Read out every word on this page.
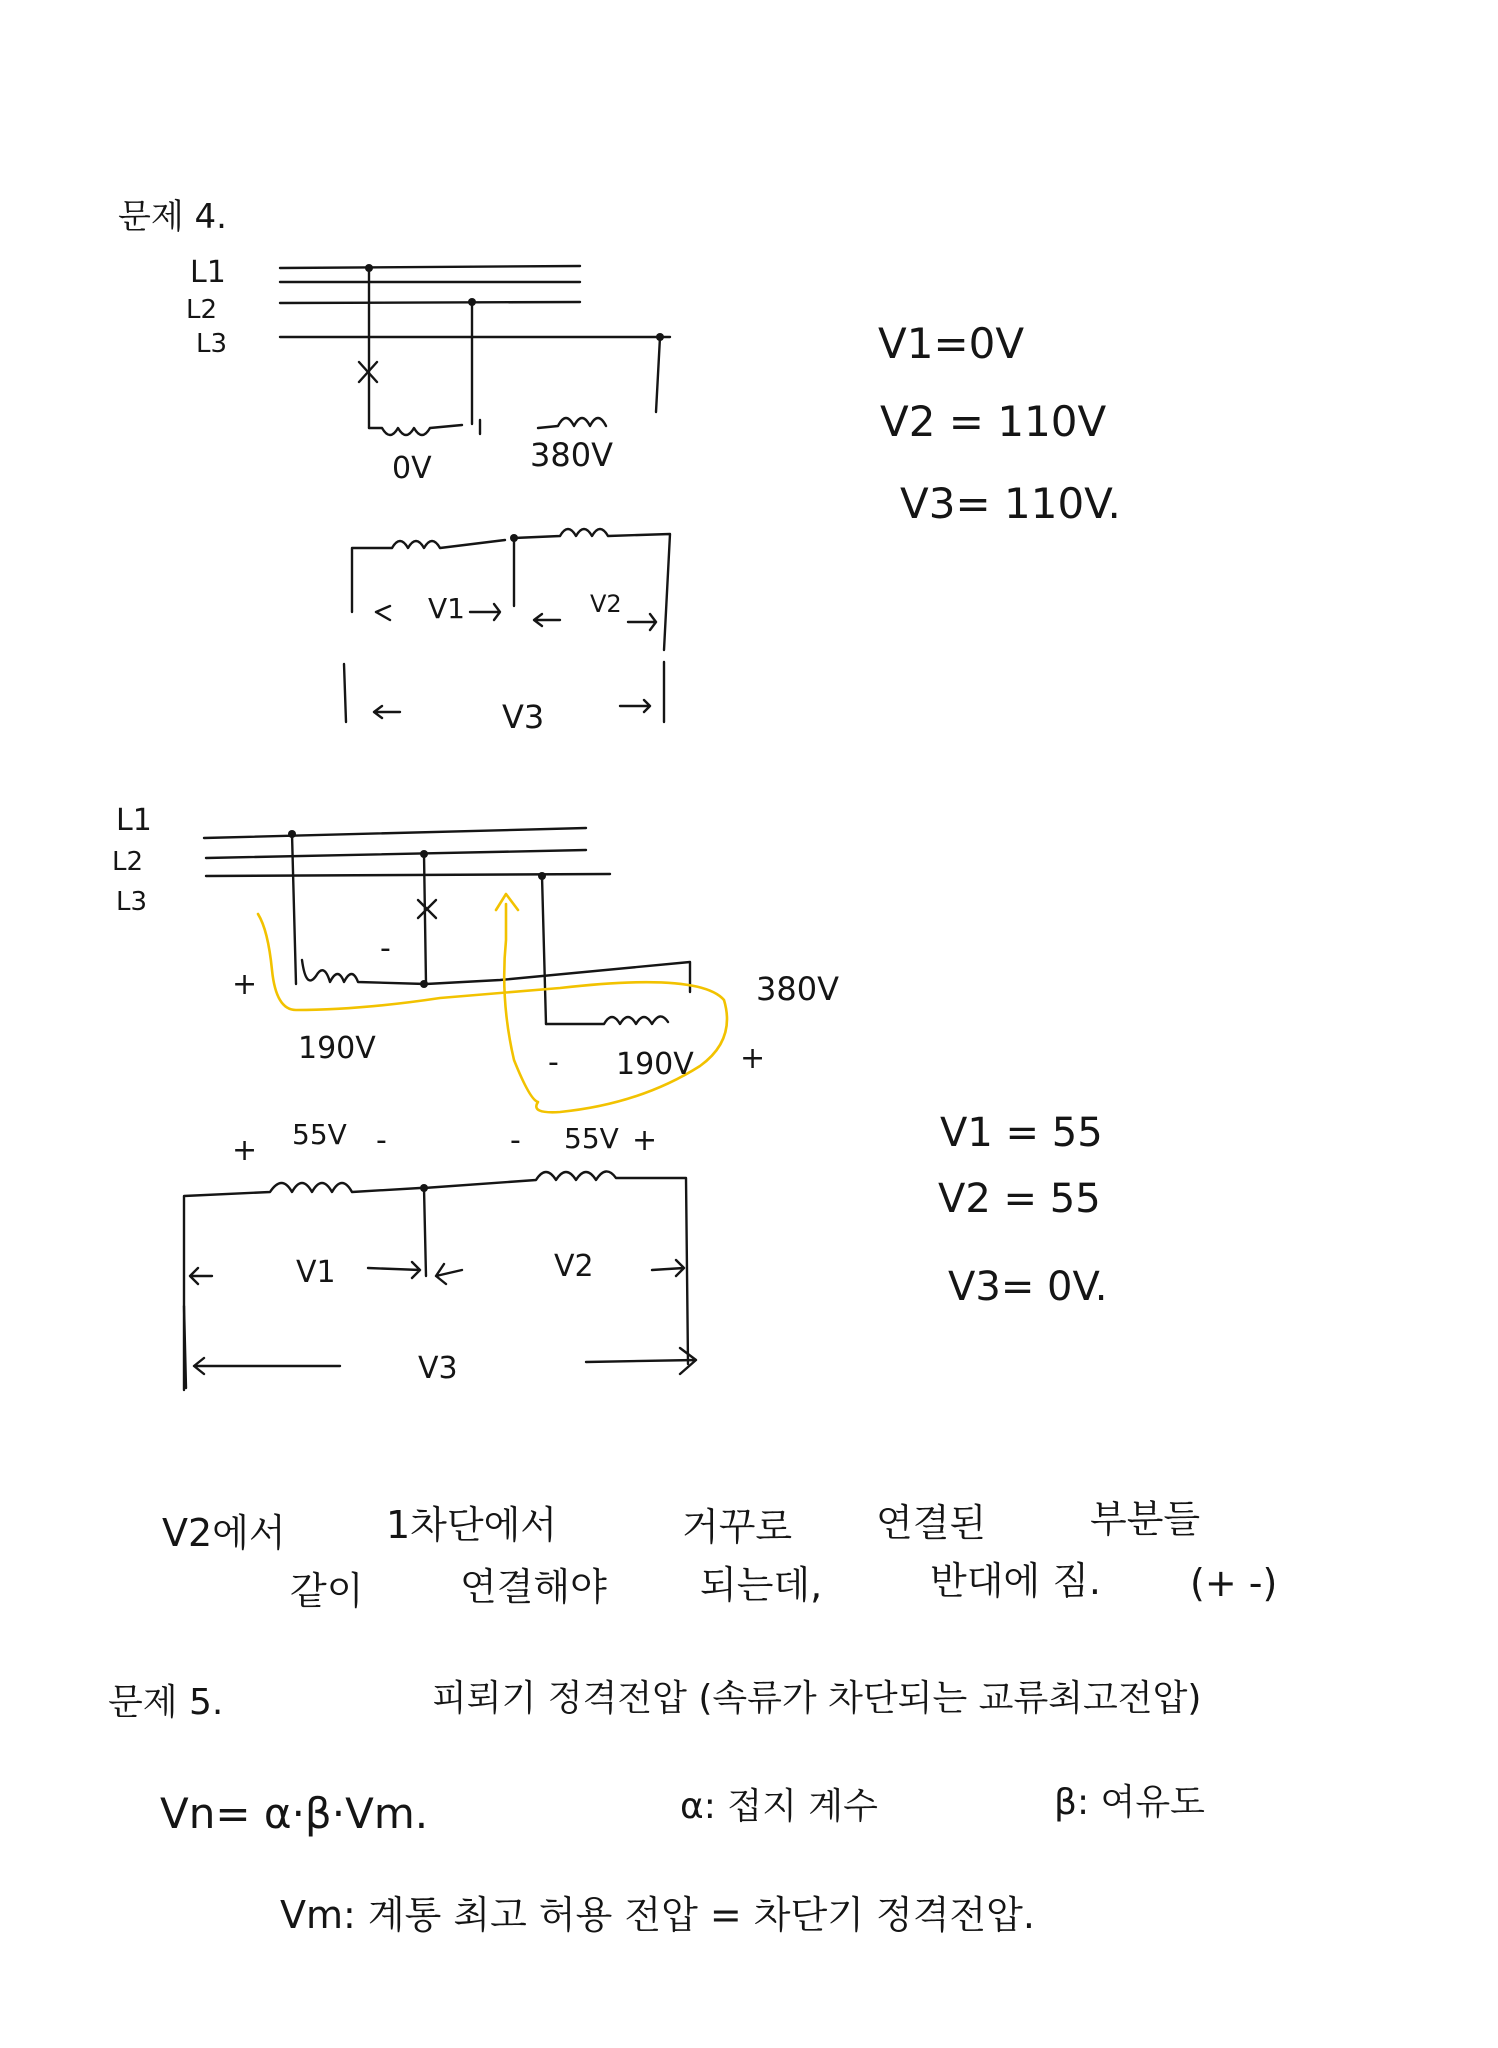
문제 4.
L1
L2
L3
0V	380V
V1	V2
V3
V1=0V
V2 = 110V
V3= 110V.
L1
L2
L3
+
-
190V	- 190V +
380V
+ 55V -	- 55V +
V1	V2
V3
V1 = 55
V2 = 55
V3= 0V.
V2에서	1차단에서	거꾸로 연결된	부분들
같이	연결해야 되는데,	반대에 짐. (+ -)
문제 5.	피뢰기 정격전압 (속류가 차단되는 교류최고전압)
Vn= α·β·Vm.	α: 접지 계수	β: 여유도
Vm: 계통 최고 허용 전압 = 차단기 정격전압.
